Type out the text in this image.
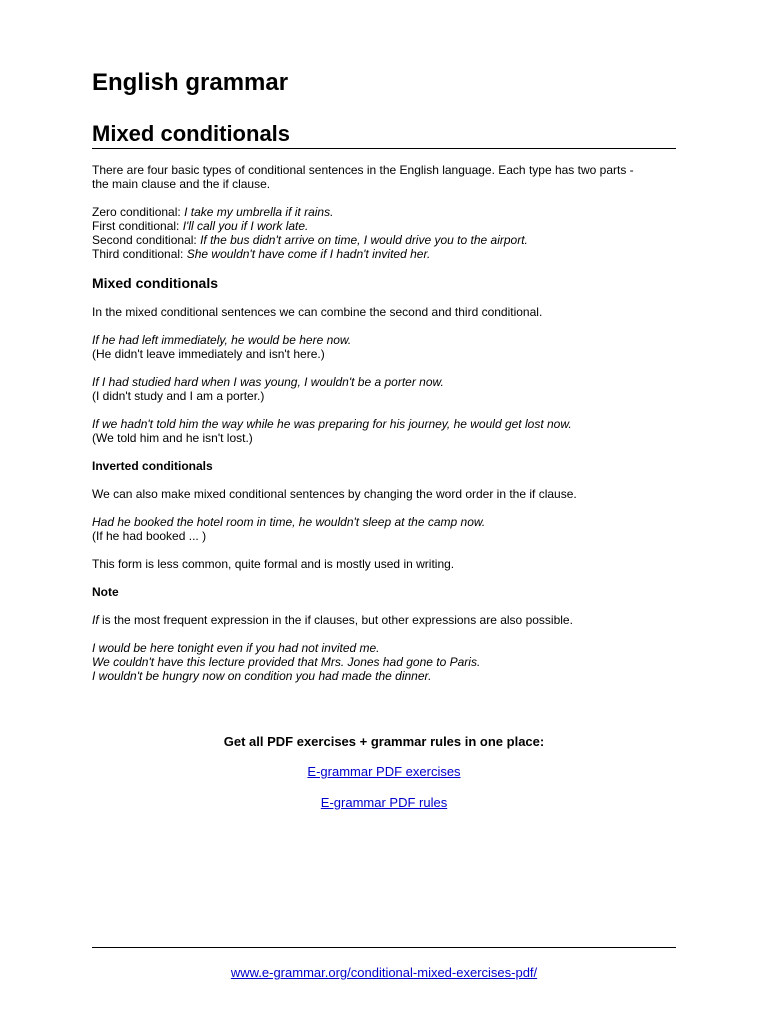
English grammar
Mixed conditionals
There are four basic types of conditional sentences in the English language. Each type has two parts -
the main clause and the if clause.
Zero conditional: I take my umbrella if it rains.
First conditional: I'll call you if I work late.
Second conditional: If the bus didn't arrive on time, I would drive you to the airport.
Third conditional: She wouldn't have come if I hadn't invited her.
Mixed conditionals
In the mixed conditional sentences we can combine the second and third conditional.
If he had left immediately, he would be here now.
(He didn't leave immediately and isn't here.)
If I had studied hard when I was young, I wouldn't be a porter now.
(I didn't study and I am a porter.)
If we hadn't told him the way while he was preparing for his journey, he would get lost now.
(We told him and he isn't lost.)
Inverted conditionals
We can also make mixed conditional sentences by changing the word order in the if clause.
Had he booked the hotel room in time, he wouldn't sleep at the camp now.
(If he had booked ... )
This form is less common, quite formal and is mostly used in writing.
Note
If is the most frequent expression in the if clauses, but other expressions are also possible.
I would be here tonight even if you had not invited me.
We couldn't have this lecture provided that Mrs. Jones had gone to Paris.
I wouldn't be hungry now on condition you had made the dinner.
Get all PDF exercises + grammar rules in one place:
E-grammar PDF exercises
E-grammar PDF rules
www.e-grammar.org/conditional-mixed-exercises-pdf/
